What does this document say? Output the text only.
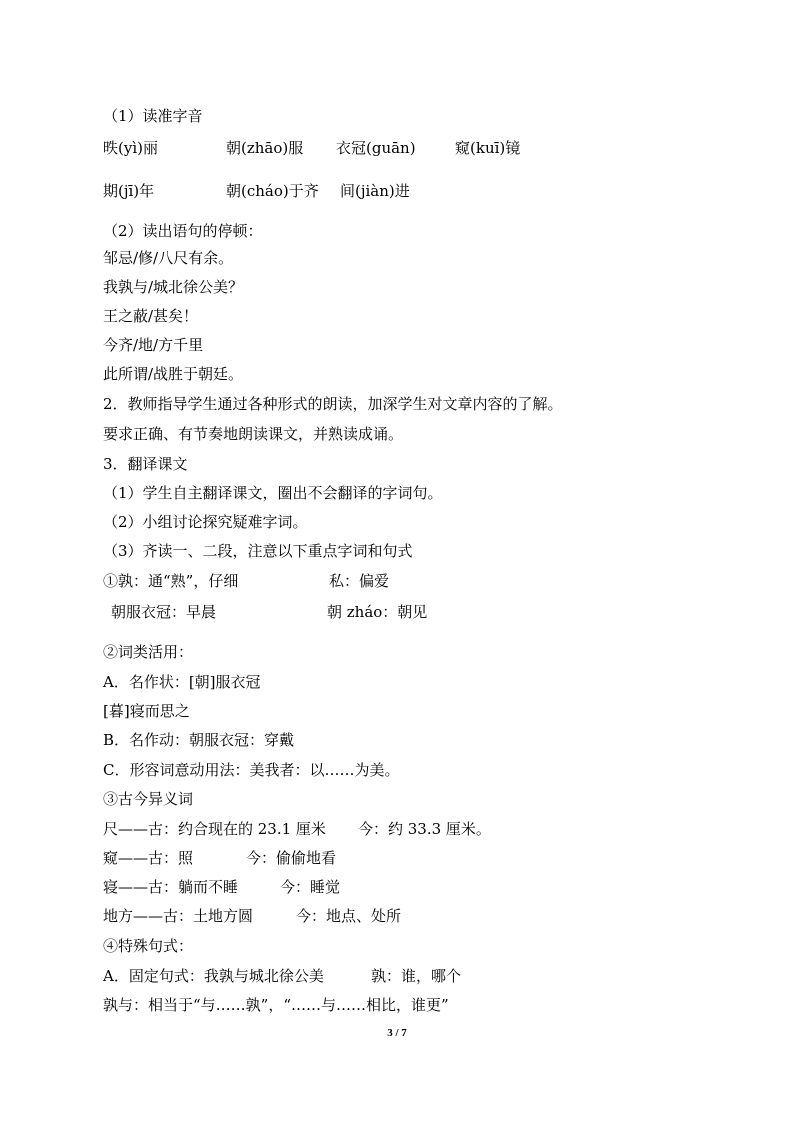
（1）读准字音
昳(yì)丽	朝(zhāo)服 衣冠(guān)	窥(kuī)镜
期(jī)年	朝(cháo)于齐 间(jiàn)进
（2）读出语句的停顿：
邹忌/修/八尺有余。
我孰与/城北徐公美？
王之蔽/甚矣！
今齐/地/方千里
此所谓/战胜于朝廷。
2．教师指导学生通过各种形式的朗读，加深学生对文章内容的了解。
要求正确、有节奏地朗读课文，并熟读成诵。
3．翻译课文
（1）学生自主翻译课文，圈出不会翻译的字词句。
（2）小组讨论探究疑难字词。
（3）齐读一、二段，注意以下重点字词和句式
①孰：通“熟”，仔细	私：偏爱
朝服衣冠：早晨	朝 zháo：朝见
②词类活用：
A．名作状：[朝]服衣冠
[暮]寝而思之
B．名作动：朝服衣冠：穿戴
C．形容词意动用法：美我者：以……为美。
③古今异义词
尺——古：约合现在的 23.1 厘米 今：约 33.3 厘米。
窥——古：照	今：偷偷地看
寝——古：躺而不睡	今：睡觉
地方——古：土地方圆	今：地点、处所
④特殊句式：
A．固定句式：我孰与城北徐公美	孰：谁，哪个
孰与：相当于“与……孰”，“……与……相比，谁更”
3 / 7
